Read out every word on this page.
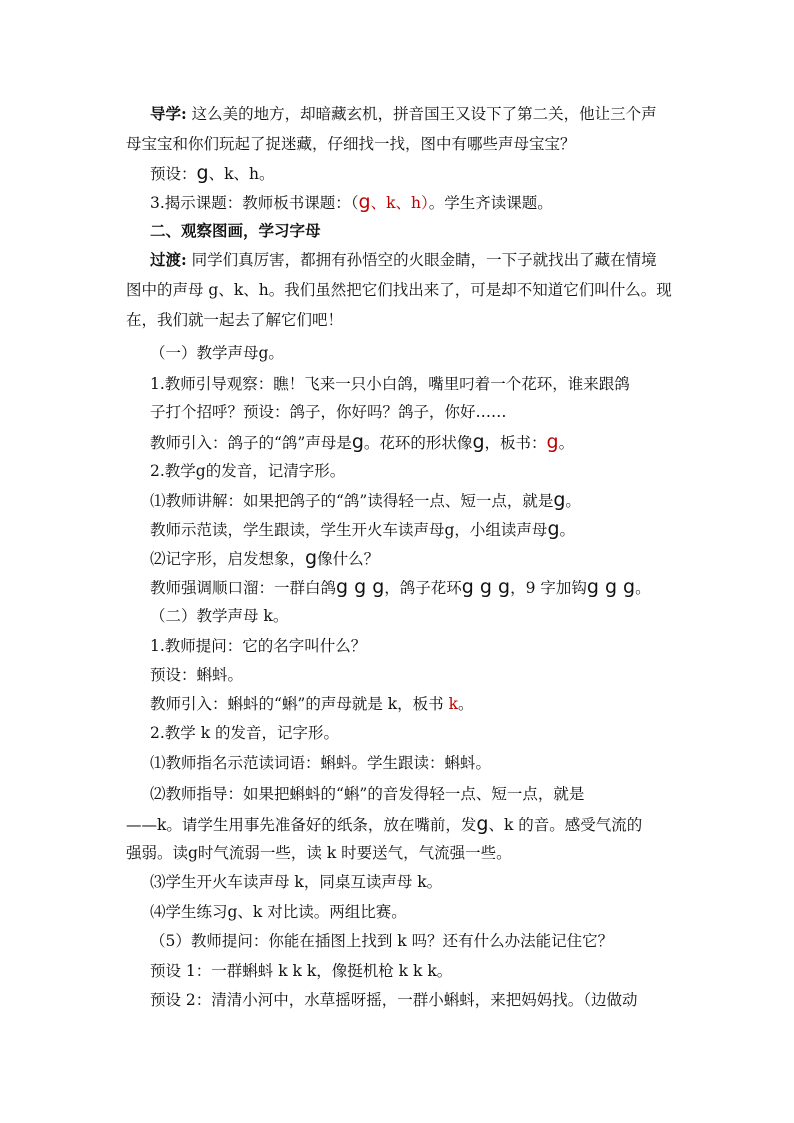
导学: 这么美的地方，却暗藏玄机，拼音国王又设下了第二关，他让三个声
母宝宝和你们玩起了捉迷藏，仔细找一找，图中有哪些声母宝宝？
预设：g、k、h。
3.揭示课题：教师板书课题：（g、k、h）。学生齐读课题。
二、观察图画，学习字母
过渡: 同学们真厉害，都拥有孙悟空的火眼金睛，一下子就找出了藏在情境
图中的声母 g、k、h。我们虽然把它们找出来了，可是却不知道它们叫什么。现
在，我们就一起去了解它们吧！
（一）教学声母g。
1.教师引导观察：瞧！飞来一只小白鸽，嘴里叼着一个花环，谁来跟鸽
子打个招呼？预设：鸽子，你好吗？鸽子，你好……
教师引入：鸽子的“鸽”声母是g。花环的形状像g，板书：g。
2.教学g的发音，记清字形。
⑴教师讲解：如果把鸽子的“鸽”读得轻一点、短一点，就是g。
教师示范读，学生跟读，学生开火车读声母g，小组读声母g。
⑵记字形，启发想象，g像什么？
教师强调顺口溜：一群白鸽g g g，鸽子花环g g g，9 字加钩g g g。
（二）教学声母 k。
1.教师提问：它的名字叫什么？
预设：蝌蚪。
教师引入：蝌蚪的“蝌”的声母就是 k，板书 k。
2.教学 k 的发音，记字形。
⑴教师指名示范读词语：蝌蚪。学生跟读：蝌蚪。
⑵教师指导：如果把蝌蚪的“蝌”的音发得轻一点、短一点，就是
——k。请学生用事先准备好的纸条，放在嘴前，发g、k 的音。感受气流的
强弱。读g时气流弱一些，读 k 时要送气，气流强一些。
⑶学生开火车读声母 k，同桌互读声母 k。
⑷学生练习g、k 对比读。两组比赛。
（5）教师提问：你能在插图上找到 k 吗？还有什么办法能记住它？
预设 1：一群蝌蚪 k k k，像挺机枪 k k k。
预设 2：清清小河中，水草摇呀摇，一群小蝌蚪，来把妈妈找。（边做动
